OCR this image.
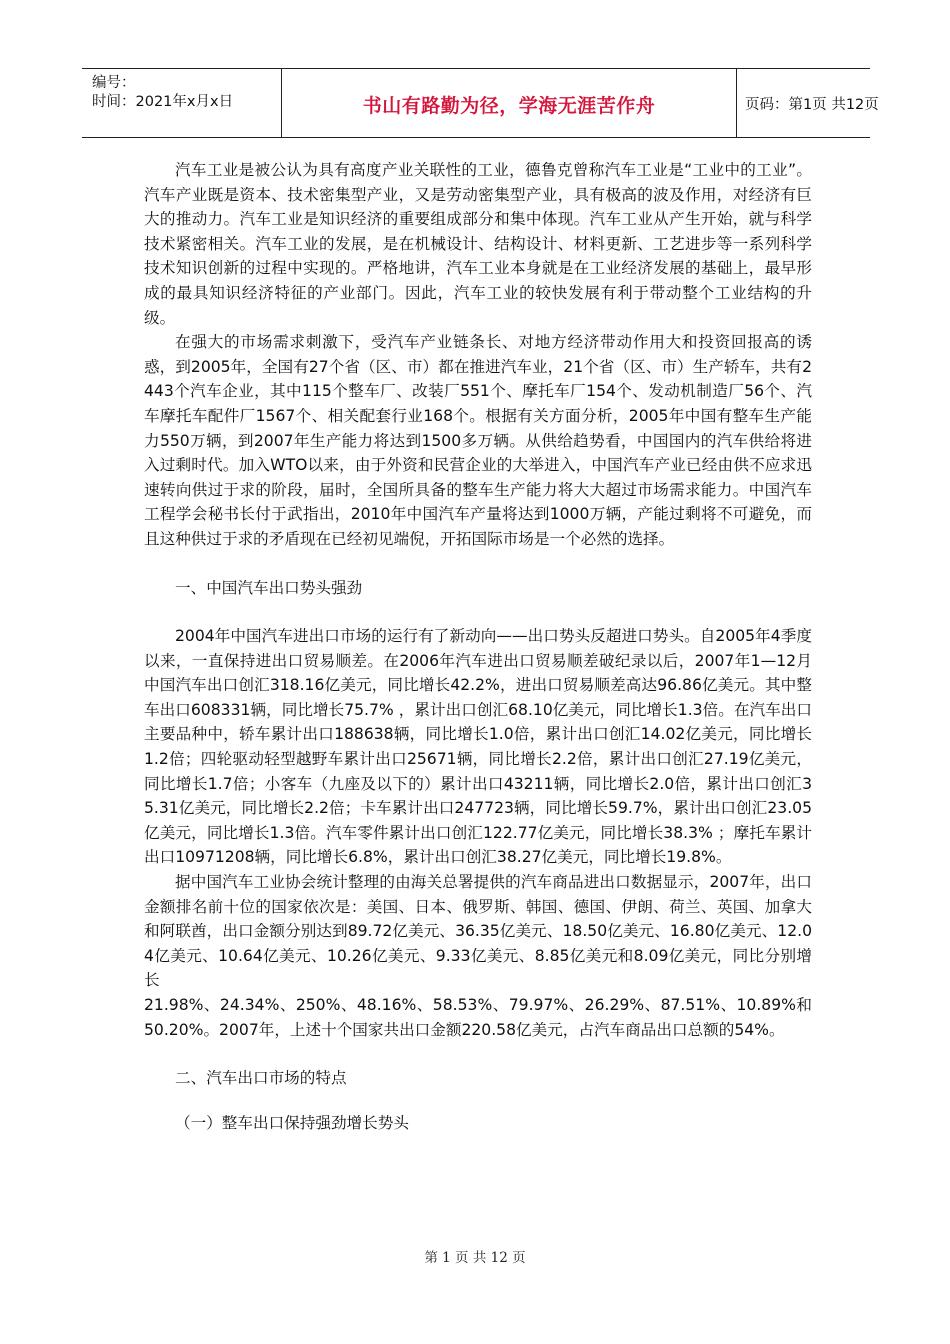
编号：
时间：2021年x月x日	书山有路勤为径，学海无涯苦作舟	页码：第1页 共12页

汽车工业是被公认为具有高度产业关联性的工业，德鲁克曾称汽车工业是“工业中的工业”。 汽车产业既是资本、技术密集型产业，又是劳动密集型产业，具有极高的波及作用，对经济有巨大的推动力。汽车工业是知识经济的重要组成部分和集中体现。汽车工业从产生开始，就与科学技术紧密相关。汽车工业的发展，是在机械设计、结构设计、材料更新、工艺进步等一系列科学技术知识创新的过程中实现的。严格地讲，汽车工业本身就是在工业经济发展的基础上，最早形成的最具知识经济特征的产业部门。因此，汽车工业的较快发展有利于带动整个工业结构的升级。

在强大的市场需求刺激下，受汽车产业链条长、对地方经济带动作用大和投资回报高的诱惑，到2005年，全国有27个省（区、市）都在推进汽车业，21个省（区、市）生产轿车，共有2443个汽车企业，其中115个整车厂、改装厂551个、摩托车厂154个、发动机制造厂56个、汽车摩托车配件厂1567个、相关配套行业168个。根据有关方面分析，2005年中国有整车生产能力550万辆，到2007年生产能力将达到1500多万辆。从供给趋势看，中国国内的汽车供给将进入过剩时代。加入WTO以来，由于外资和民营企业的大举进入，中国汽车产业已经由供不应求迅速转向供过于求的阶段，届时，全国所具备的整车生产能力将大大超过市场需求能力。中国汽车工程学会秘书长付于武指出，2010年中国汽车产量将达到1000万辆，产能过剩将不可避免，而且这种供过于求的矛盾现在已经初见端倪，开拓国际市场是一个必然的选择。

一、中国汽车出口势头强劲

2004年中国汽车进出口市场的运行有了新动向——出口势头反超进口势头。自2005年4季度以来，一直保持进出口贸易顺差。在2006年汽车进出口贸易顺差破纪录以后，2007年1—12月中国汽车出口创汇318.16亿美元，同比增长42.2%，进出口贸易顺差高达96.86亿美元。其中整车出口608331辆，同比增长75.7% ，累计出口创汇68.10亿美元，同比增长1.3倍。在汽车出口主要品种中，轿车累计出口188638辆，同比增长1.0倍，累计出口创汇14.02亿美元，同比增长1.2倍；四轮驱动轻型越野车累计出口25671辆，同比增长2.2倍，累计出口创汇27.19亿美元，同比增长1.7倍；小客车（九座及以下的）累计出口43211辆，同比增长2.0倍，累计出口创汇35.31亿美元，同比增长2.2倍；卡车累计出口247723辆，同比增长59.7%，累计出口创汇23.05亿美元，同比增长1.3倍。汽车零件累计出口创汇122.77亿美元，同比增长38.3% ；摩托车累计出口10971208辆，同比增长6.8%，累计出口创汇38.27亿美元，同比增长19.8%。

据中国汽车工业协会统计整理的由海关总署提供的汽车商品进出口数据显示，2007年，出口金额排名前十位的国家依次是：美国、日本、俄罗斯、韩国、德国、伊朗、荷兰、英国、加拿大和阿联酋，出口金额分别达到89.72亿美元、36.35亿美元、18.50亿美元、16.80亿美元、12.04亿美元、10.64亿美元、10.26亿美元、9.33亿美元、8.85亿美元和8.09亿美元，同比分别增长

21.98%、24.34%、250%、48.16%、58.53%、79.97%、26.29%、87.51%、10.89%和50.20%。2007年，上述十个国家共出口金额220.58亿美元，占汽车商品出口总额的54%。

二、汽车出口市场的特点

（一）整车出口保持强劲增长势头

第 1 页 共 12 页
